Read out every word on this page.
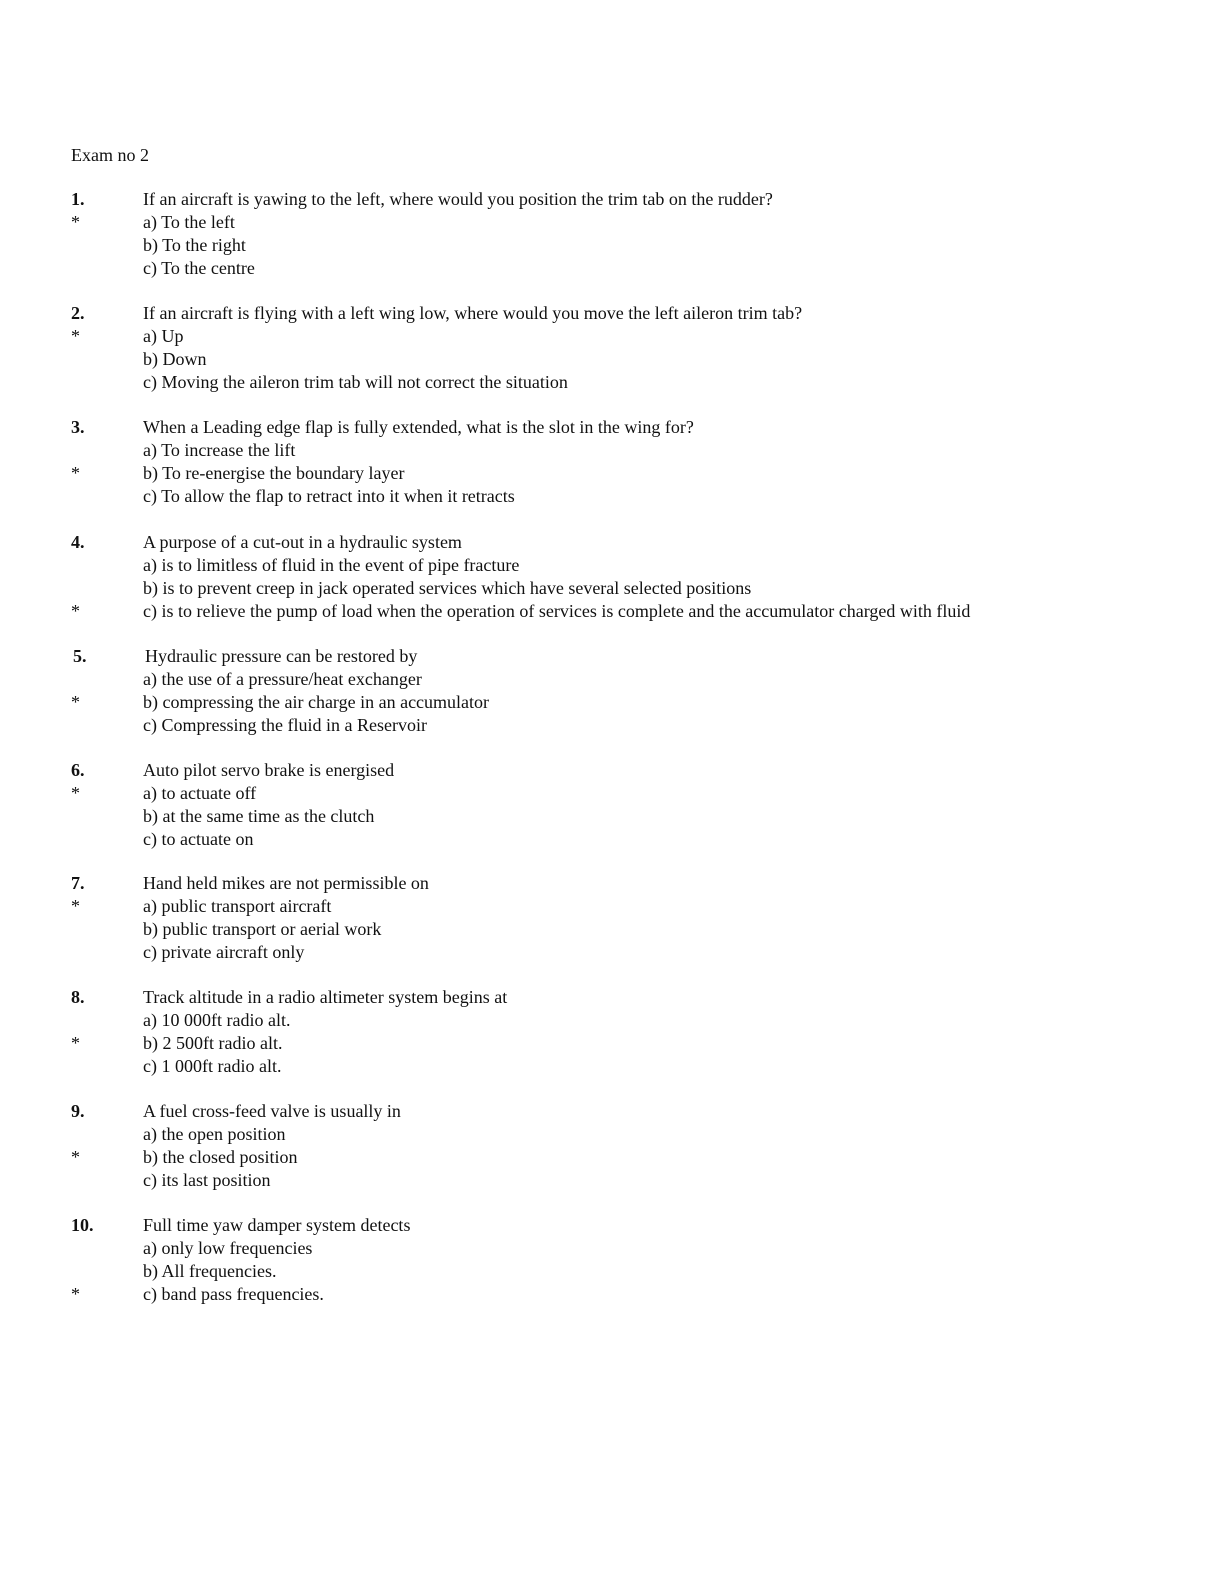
Exam no 2
1.	If an aircraft is yawing to the left, where would you position the trim tab on the rudder?
*	a) To the left
b) To the right
c) To the centre
2.	If an aircraft is flying with a left wing low, where would you move the left aileron trim tab?
*	a) Up
b) Down
c) Moving the aileron trim tab will not correct the situation
3.	When a Leading edge flap is fully extended, what is the slot in the wing for?
a) To increase the lift
*	b) To re-energise the boundary layer
c) To allow the flap to retract into it when it retracts
4.	A purpose of a cut-out in a hydraulic system
a) is to limitless of fluid in the event of pipe fracture
b) is to prevent creep in jack operated services which have several selected positions
*	c) is to relieve the pump of load when the operation of services is complete and the accumulator charged with fluid
5.	Hydraulic pressure can be restored by
a) the use of a pressure/heat exchanger
*	b) compressing the air charge in an accumulator
c) Compressing the fluid in a Reservoir
6.	Auto pilot servo brake is energised
*	a) to actuate off
b) at the same time as the clutch
c) to actuate on
7.	Hand held mikes are not permissible on
*	a) public transport aircraft
b) public transport or aerial work
c) private aircraft only
8.	Track altitude in a radio altimeter system begins at
a) 10 000ft radio alt.
*	b) 2 500ft radio alt.
c) 1 000ft radio alt.
9.	A fuel cross-feed valve is usually in
a) the open position
*	b) the closed position
c) its last position
10.	Full time yaw damper system detects
a) only low frequencies
b) All frequencies.
*	c) band pass frequencies.
